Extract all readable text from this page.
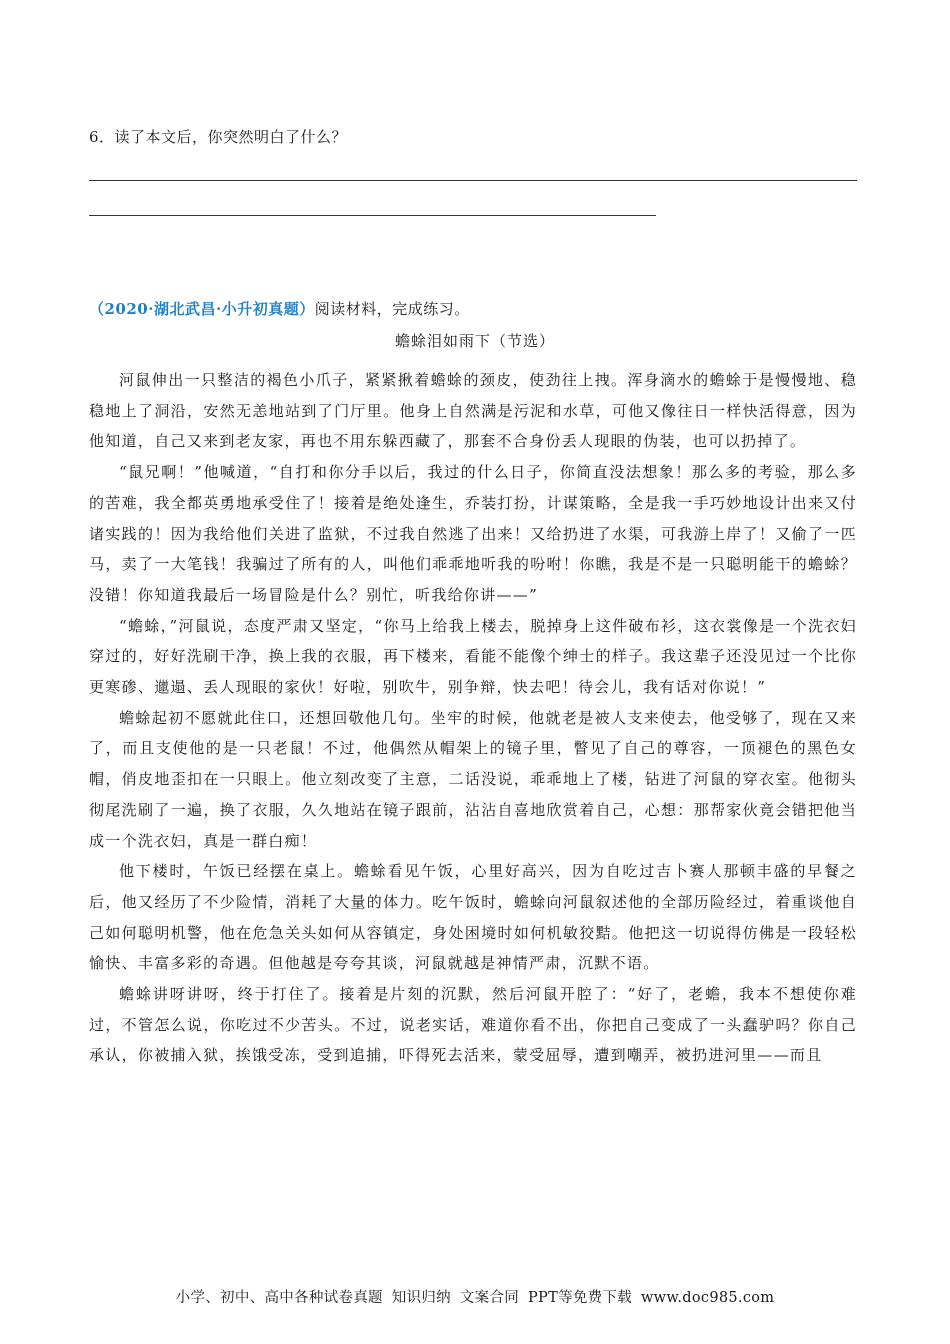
6．读了本文后，你突然明白了什么？
（2020·湖北武昌·小升初真题）阅读材料，完成练习。
蟾蜍泪如雨下（节选）

河鼠伸出一只整洁的褐色小爪子，紧紧揪着蟾蜍的颈皮，使劲往上拽。浑身滴水的蟾蜍于是慢慢地、稳稳地上了洞沿，安然无恙地站到了门厅里。他身上自然满是污泥和水草，可他又像往日一样快活得意，因为他知道，自己又来到老友家，再也不用东躲西藏了，那套不合身份丢人现眼的伪装，也可以扔掉了。

“鼠兄啊！”他喊道，“自打和你分手以后，我过的什么日子，你简直没法想象！那么多的考验，那么多的苦难，我全都英勇地承受住了！接着是绝处逢生，乔装打扮，计谋策略，全是我一手巧妙地设计出来又付诸实践的！因为我给他们关进了监狱，不过我自然逃了出来！又给扔进了水渠，可我游上岸了！又偷了一匹马，卖了一大笔钱！我骗过了所有的人，叫他们乖乖地听我的吩咐！你瞧，我是不是一只聪明能干的蟾蜍？没错！你知道我最后一场冒险是什么？别忙，听我给你讲——”

“蟾蜍，”河鼠说，态度严肃又坚定，“你马上给我上楼去，脱掉身上这件破布衫，这衣裳像是一个洗衣妇穿过的，好好洗刷干净，换上我的衣服，再下楼来，看能不能像个绅士的样子。我这辈子还没见过一个比你更寒碜、邋遢、丢人现眼的家伙！好啦，别吹牛，别争辩，快去吧！待会儿，我有话对你说！”

蟾蜍起初不愿就此住口，还想回敬他几句。坐牢的时候，他就老是被人支来使去，他受够了，现在又来了，而且支使他的是一只老鼠！不过，他偶然从帽架上的镜子里，瞥见了自己的尊容，一顶褪色的黑色女帽，俏皮地歪扣在一只眼上。他立刻改变了主意，二话没说，乖乖地上了楼，钻进了河鼠的穿衣室。他彻头彻尾洗刷了一遍，换了衣服，久久地站在镜子跟前，沾沾自喜地欣赏着自己，心想：那帮家伙竟会错把他当成一个洗衣妇，真是一群白痴！

他下楼时，午饭已经摆在桌上。蟾蜍看见午饭，心里好高兴，因为自吃过吉卜赛人那顿丰盛的早餐之后，他又经历了不少险情，消耗了大量的体力。吃午饭时，蟾蜍向河鼠叙述他的全部历险经过，着重谈他自己如何聪明机警，他在危急关头如何从容镇定，身处困境时如何机敏狡黠。他把这一切说得仿佛是一段轻松愉快、丰富多彩的奇遇。但他越是夸夸其谈，河鼠就越是神情严肃，沉默不语。

蟾蜍讲呀讲呀，终于打住了。接着是片刻的沉默，然后河鼠开腔了：“好了，老蟾，我本不想使你难过，不管怎么说，你吃过不少苦头。不过，说老实话，难道你看不出，你把自己变成了一头蠢驴吗？你自己承认，你被捕入狱，挨饿受冻，受到追捕，吓得死去活来，蒙受屈辱，遭到嘲弄，被扔进河里——而且

小学、初中、高中各种试卷真题 知识归纳 文案合同 PPT等免费下载 www.doc985.com
